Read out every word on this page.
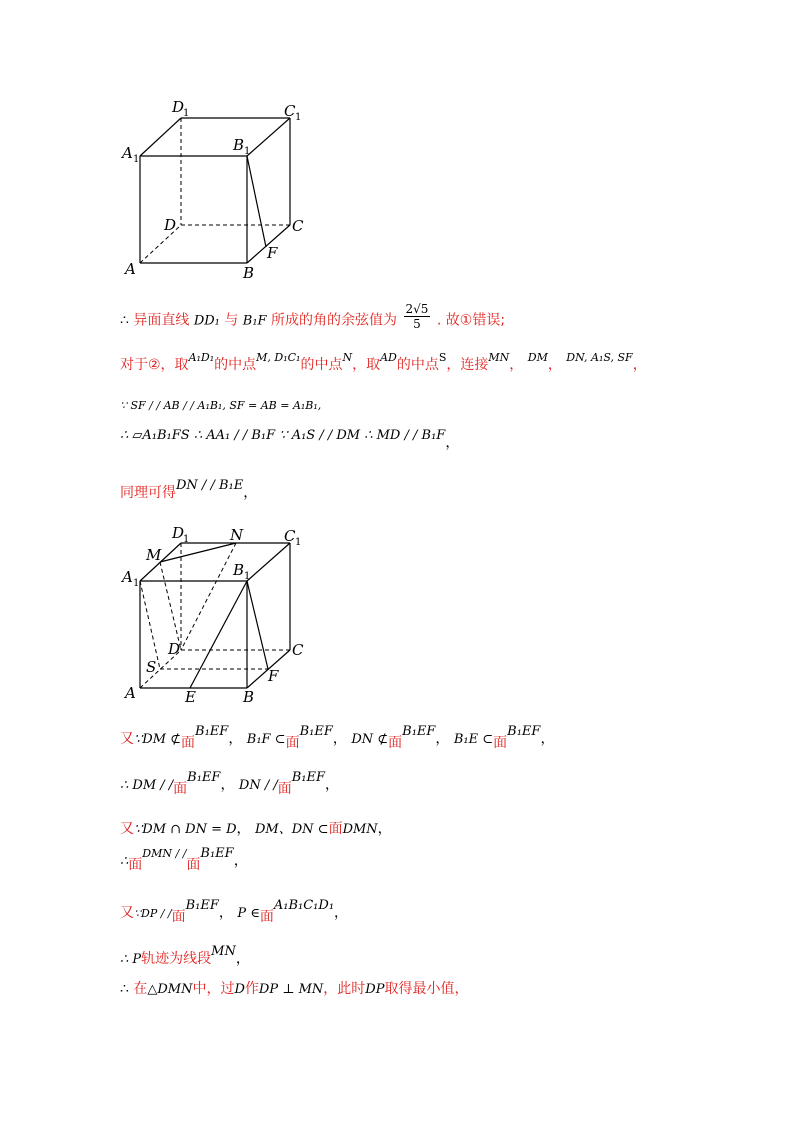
A	B
C
D
F
A 1
B 1
C 1
D
1
∴ 异面直线 DD₁ 与 B₁F 所成的角的余弦值为 $\frac{2√5}{5}$ . 故①错误;
对于②，取$^{A_1D_1}$的中点$^{M, D_1C_1}$的中点$^N$，取$^{AD}$的中点$^S$，连接$^{MN}$， $^{DM}$， $^{DN, A_1S, SF}$，
∵ SF / / AB / / A₁B₁, SF = AB = A₁B₁,
∴ ▱A₁B₁FS ∴ AA₁ / / B₁F ∵ A₁S / / DM ∴ MD / / B₁F，
同理可得DN / / B₁E，
M
N
A 1
B 1
C 1
D
1
D	C
S	F
A	E	B
又∵DM ⊄面B₁EF， B₁F ⊂面B₁EF， DN ⊄面B₁EF， B₁E ⊂面B₁EF，
∴ DM / /面B₁EF， DN / /面B₁EF，
又∵DM ∩ DN = D， DM、DN ⊂面DMN，
∴面$^{DMN / /}$面B₁EF，
又∵DP / /面B₁EF， P ∈面A₁B₁C₁D₁，
∴ P轨迹为线段MN，
∴ 在△DMN中，过D作DP ⊥ MN，此时DP取得最小值，
